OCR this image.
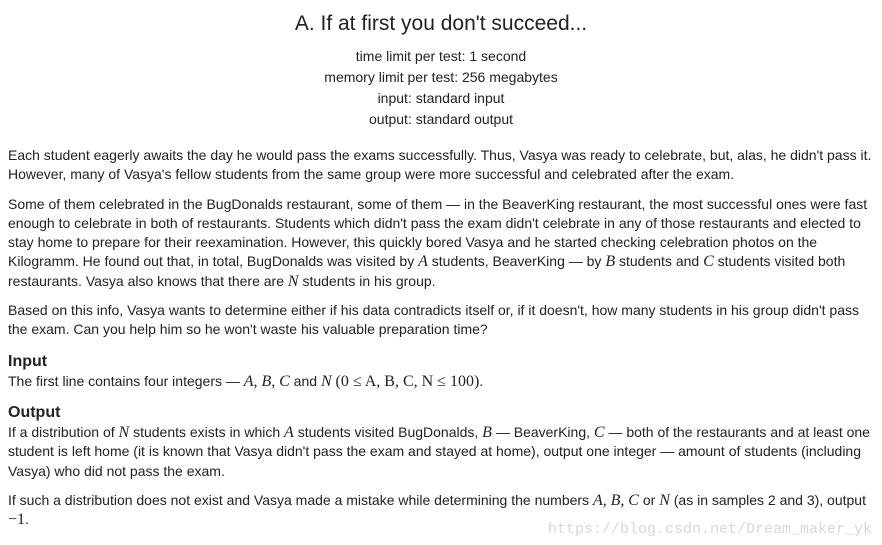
A. If at first you don't succeed...
time limit per test: 1 second
memory limit per test: 256 megabytes
input: standard input
output: standard output

Each student eagerly awaits the day he would pass the exams successfully. Thus, Vasya was ready to celebrate, but, alas, he didn't pass it. However, many of Vasya's fellow students from the same group were more successful and celebrated after the exam.

Some of them celebrated in the BugDonalds restaurant, some of them — in the BeaverKing restaurant, the most successful ones were fast enough to celebrate in both of restaurants. Students which didn't pass the exam didn't celebrate in any of those restaurants and elected to stay home to prepare for their reexamination. However, this quickly bored Vasya and he started checking celebration photos on the Kilogramm. He found out that, in total, BugDonalds was visited by A students, BeaverKing — by B students and C students visited both restaurants. Vasya also knows that there are N students in his group.

Based on this info, Vasya wants to determine either if his data contradicts itself or, if it doesn't, how many students in his group didn't pass the exam. Can you help him so he won't waste his valuable preparation time?

Input

The first line contains four integers — A, B, C and N (0 ≤ A, B, C, N ≤ 100).

Output

If a distribution of N students exists in which A students visited BugDonalds, B — BeaverKing, C — both of the restaurants and at least one student is left home (it is known that Vasya didn't pass the exam and stayed at home), output one integer — amount of students (including Vasya) who did not pass the exam.

If such a distribution does not exist and Vasya made a mistake while determining the numbers A, B, C or N (as in samples 2 and 3), output −1.

https://blog.csdn.net/Dream_maker_yk
